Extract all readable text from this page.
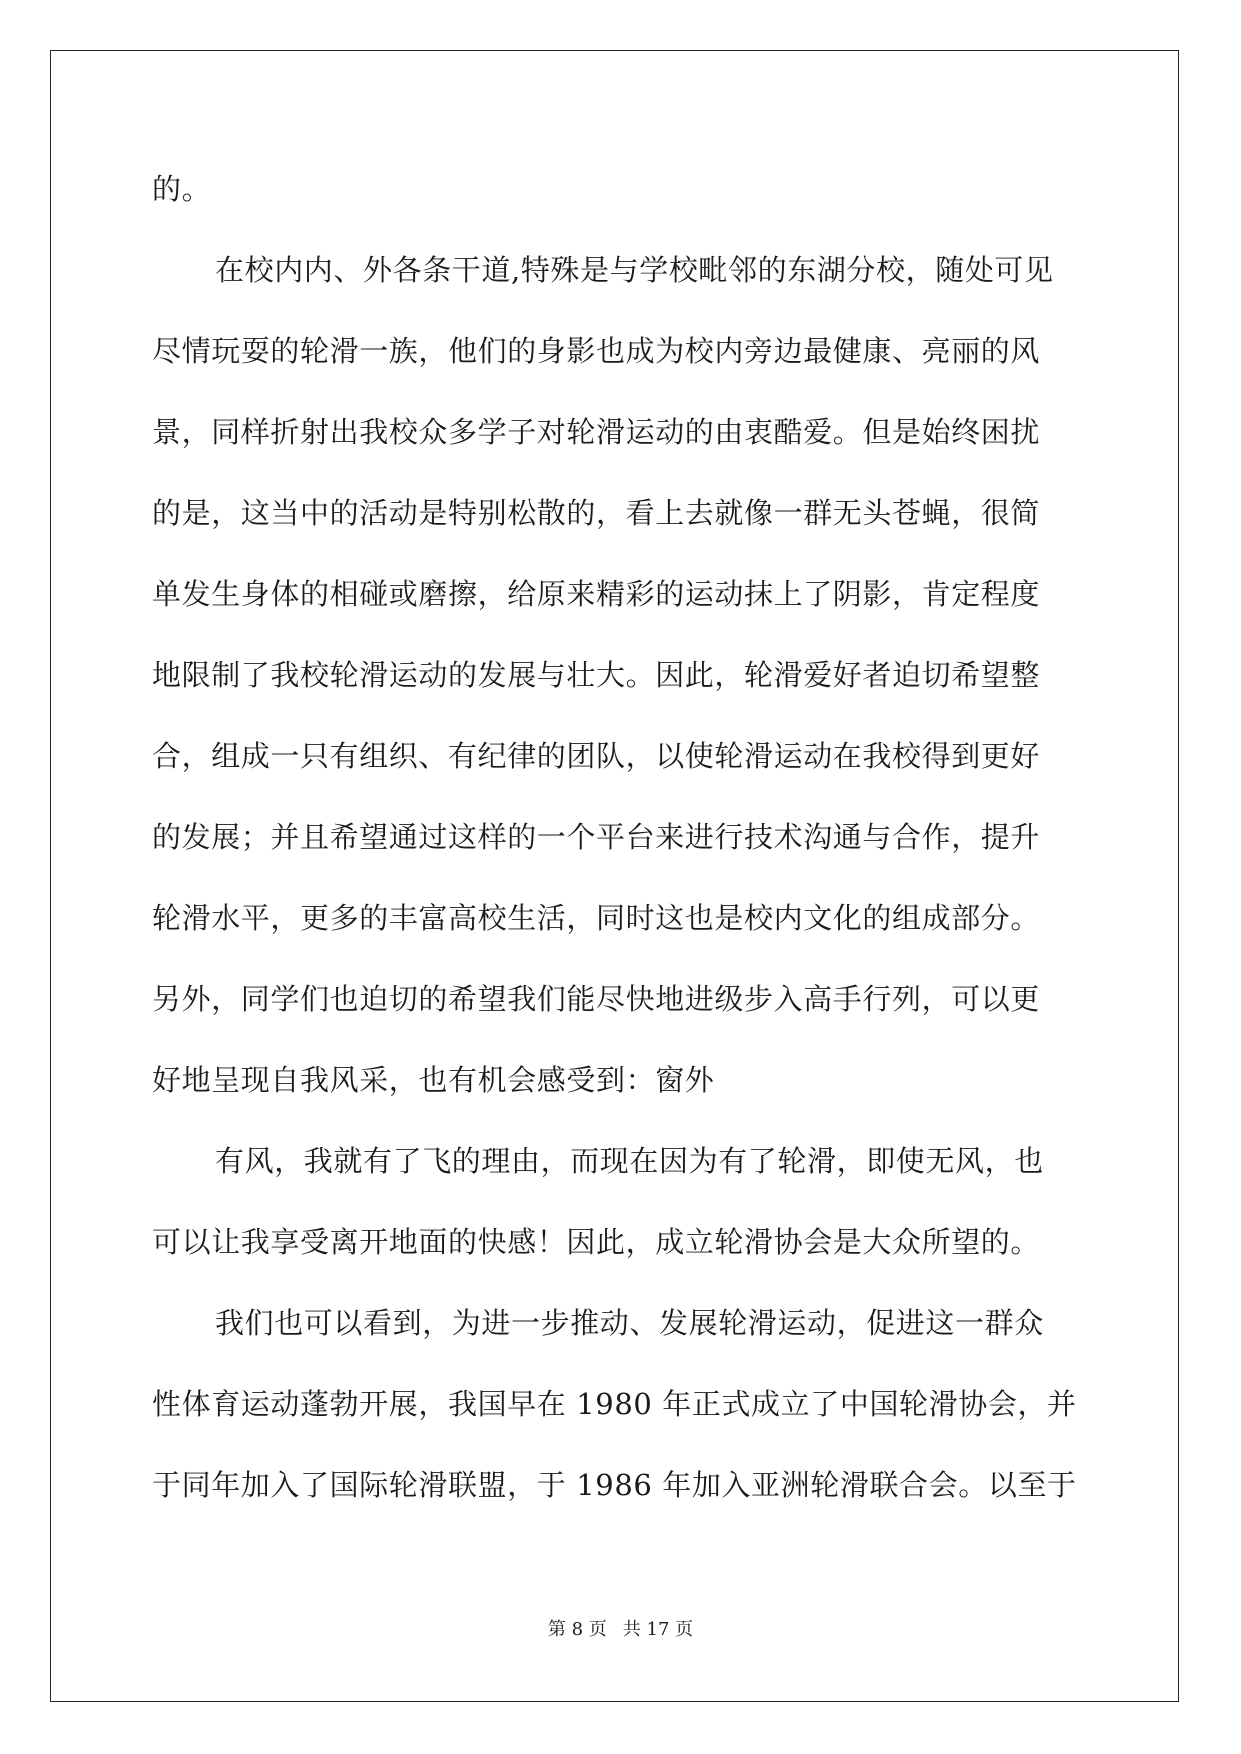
的。
在校内内、外各条干道,特殊是与学校毗邻的东湖分校，随处可见
尽情玩耍的轮滑一族，他们的身影也成为校内旁边最健康、亮丽的风
景，同样折射出我校众多学子对轮滑运动的由衷酷爱。但是始终困扰
的是，这当中的活动是特别松散的，看上去就像一群无头苍蝇，很简
单发生身体的相碰或磨擦，给原来精彩的运动抹上了阴影，肯定程度
地限制了我校轮滑运动的发展与壮大。因此，轮滑爱好者迫切希望整
合，组成一只有组织、有纪律的团队，以使轮滑运动在我校得到更好
的发展；并且希望通过这样的一个平台来进行技术沟通与合作，提升
轮滑水平，更多的丰富高校生活，同时这也是校内文化的组成部分。
另外，同学们也迫切的希望我们能尽快地进级步入高手行列，可以更
好地呈现自我风采，也有机会感受到：窗外
有风，我就有了飞的理由，而现在因为有了轮滑，即使无风，也
可以让我享受离开地面的快感！因此，成立轮滑协会是大众所望的。
我们也可以看到，为进一步推动、发展轮滑运动，促进这一群众
性体育运动蓬勃开展，我国早在 1980 年正式成立了中国轮滑协会，并
于同年加入了国际轮滑联盟，于 1986 年加入亚洲轮滑联合会。以至于
第 8 页 共 17 页
